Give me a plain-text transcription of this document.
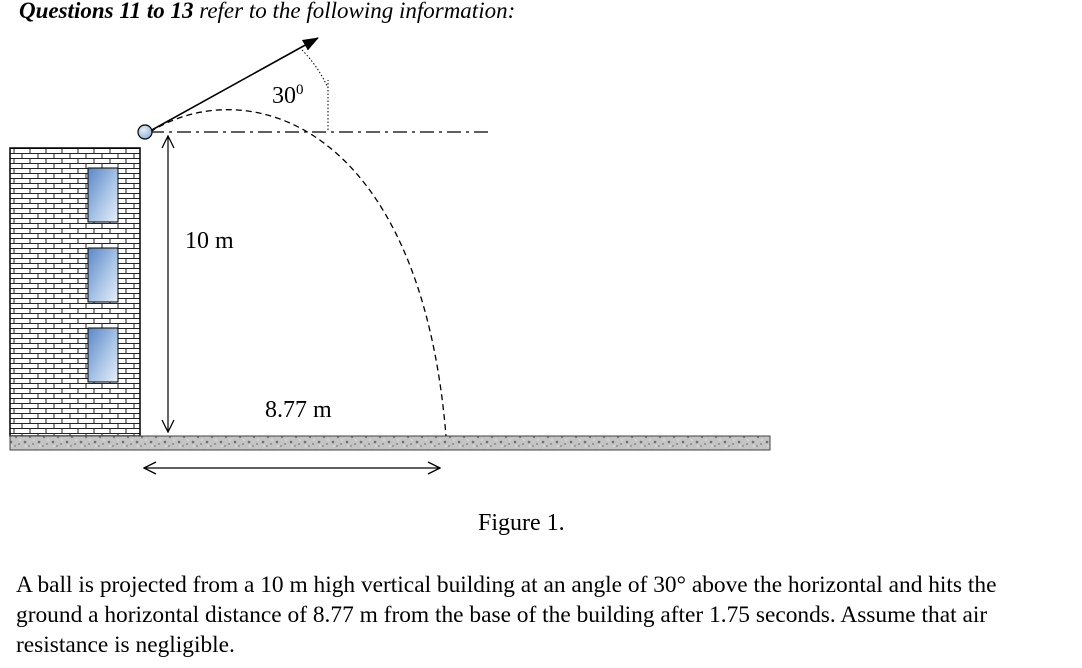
Questions 11 to 13 refer to the following information:
$30^0$
10 m
8.77 m
Figure 1.
A ball is projected from a 10 m high vertical building at an angle of 30° above the horizontal and hits the ground a horizontal distance of 8.77 m from the base of the building after 1.75 seconds. Assume that air resistance is negligible.
